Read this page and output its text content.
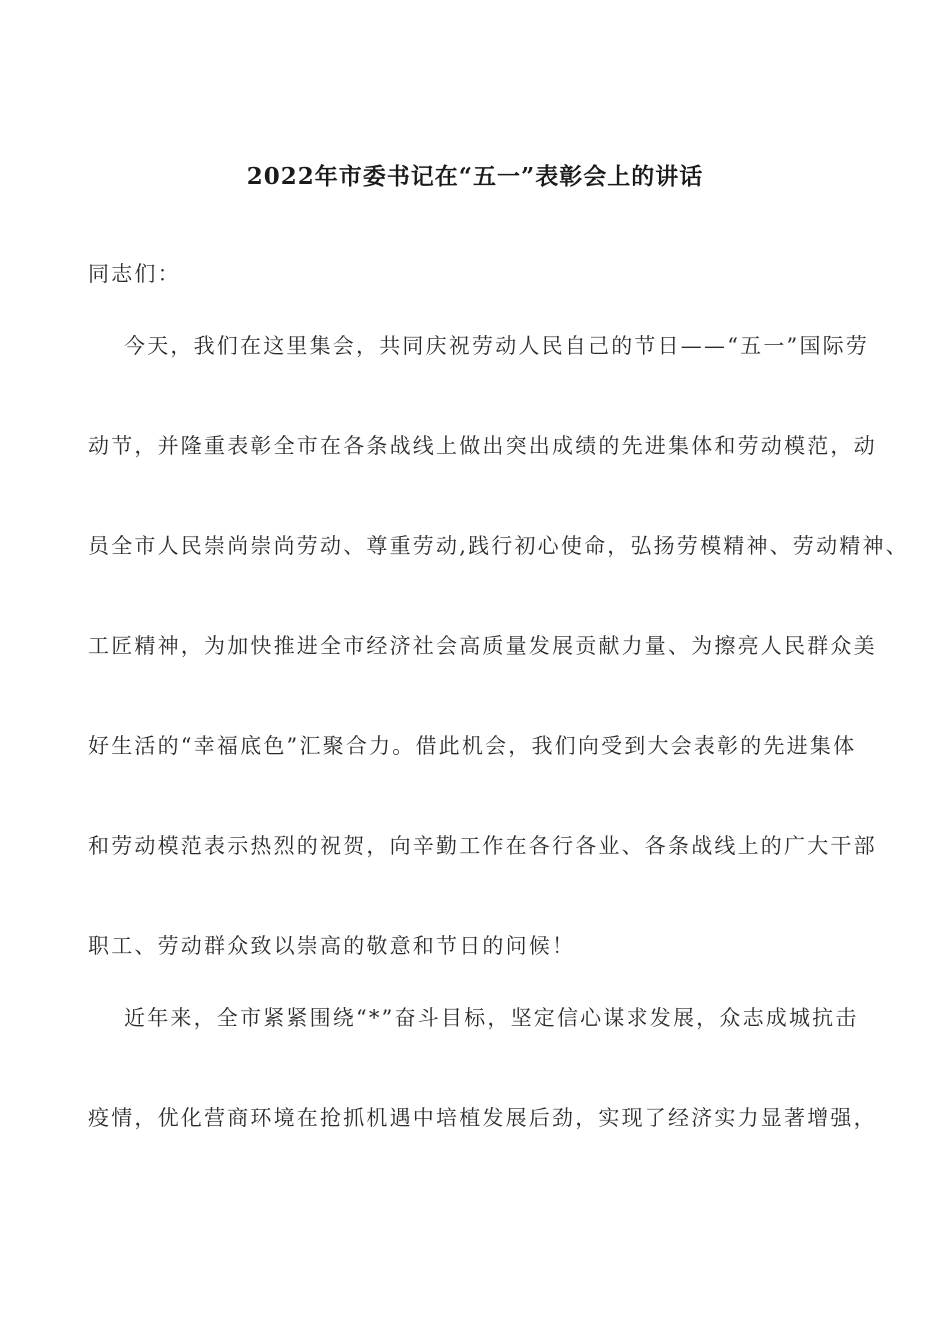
2022年市委书记在“五一”表彰会上的讲话

同志们：

今天，我们在这里集会，共同庆祝劳动人民自己的节日——“五一”国际劳

动节，并隆重表彰全市在各条战线上做出突出成绩的先进集体和劳动模范，动

员全市人民崇尚崇尚劳动、尊重劳动,践行初心使命，弘扬劳模精神、劳动精神、

工匠精神，为加快推进全市经济社会高质量发展贡献力量、为擦亮人民群众美

好生活的“幸福底色”汇聚合力。借此机会，我们向受到大会表彰的先进集体

和劳动模范表示热烈的祝贺，向辛勤工作在各行各业、各条战线上的广大干部

职工、劳动群众致以崇高的敬意和节日的问候！

近年来，全市紧紧围绕“*”奋斗目标，坚定信心谋求发展，众志成城抗击

疫情，优化营商环境在抢抓机遇中培植发展后劲，实现了经济实力显著增强，
